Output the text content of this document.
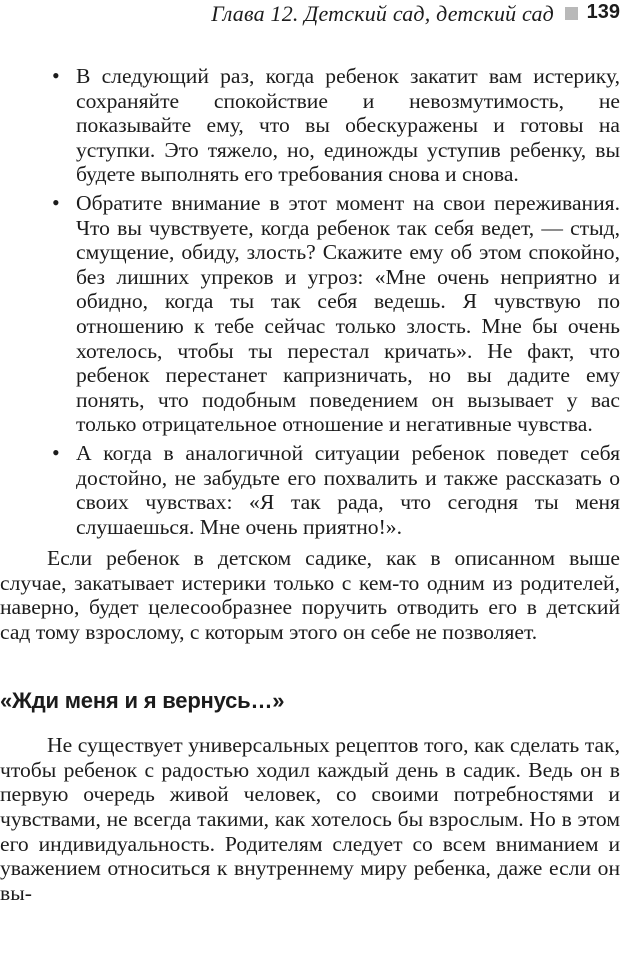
Глава 12. Детский сад, детский сад 139
• В следующий раз, когда ребенок закатит вам истерику, сохраняйте спокойствие и невозмутимость, не показывайте ему, что вы обескуражены и готовы на уступки. Это тяжело, но, единожды уступив ребенку, вы будете выполнять его требования снова и снова.
• Обратите внимание в этот момент на свои переживания. Что вы чувствуете, когда ребенок так себя ведет, — стыд, смущение, обиду, злость? Скажите ему об этом спокойно, без лишних упреков и угроз: «Мне очень неприятно и обидно, когда ты так себя ведешь. Я чувствую по отношению к тебе сейчас только злость. Мне бы очень хотелось, чтобы ты перестал кричать». Не факт, что ребенок перестанет капризничать, но вы дадите ему понять, что подобным поведением он вызывает у вас только отрицательное отношение и негативные чувства.
• А когда в аналогичной ситуации ребенок поведет себя достойно, не забудьте его похвалить и также рассказать о своих чувствах: «Я так рада, что сегодня ты меня слушаешься. Мне очень приятно!».

Если ребенок в детском садике, как в описанном выше случае, закатывает истерики только с кем-то одним из родителей, наверно, будет целесообразнее поручить отводить его в детский сад тому взрослому, с которым этого он себе не позволяет.

«Жди меня и я вернусь…»

Не существует универсальных рецептов того, как сделать так, чтобы ребенок с радостью ходил каждый день в садик. Ведь он в первую очередь живой человек, со своими потребностями и чувствами, не всегда такими, как хотелось бы взрослым. Но в этом его индивидуальность. Родителям следует со всем вниманием и уважением относиться к внутреннему миру ребенка, даже если он вы-
